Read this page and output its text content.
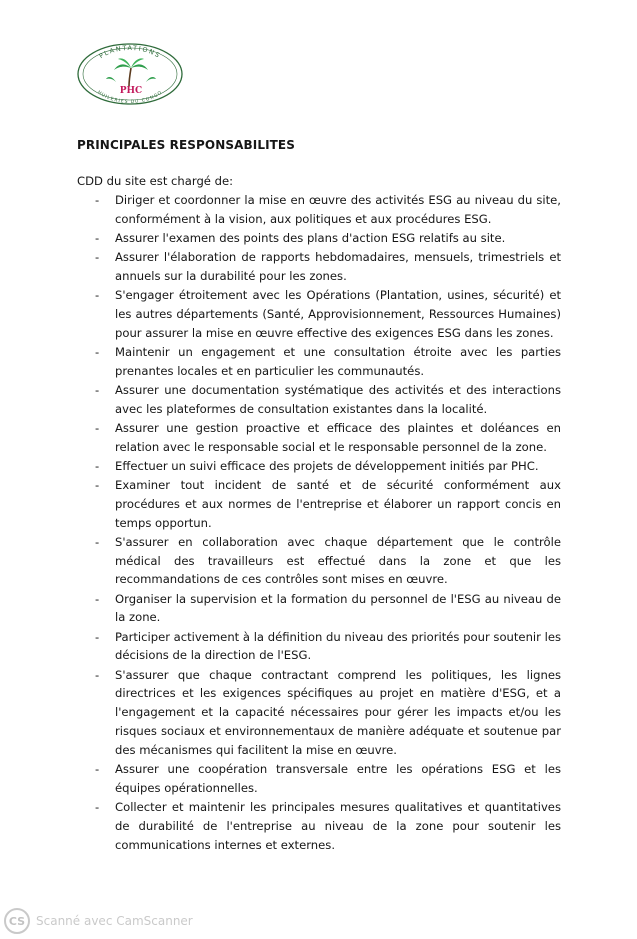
PLANTATIONS
HUILERIES DU CONGO
PHC
PRINCIPALES RESPONSABILITES

CDD du site est chargé de:

-	Diriger et coordonner la mise en œuvre des activités ESG au niveau du site, conformément à la vision, aux politiques et aux procédures ESG.
-	Assurer l'examen des points des plans d'action ESG relatifs au site.
-	Assurer l'élaboration de rapports hebdomadaires, mensuels, trimestriels et annuels sur la durabilité pour les zones.
-	S'engager étroitement avec les Opérations (Plantation, usines, sécurité) et les autres départements (Santé, Approvisionnement, Ressources Humaines) pour assurer la mise en œuvre effective des exigences ESG dans les zones.
-	Maintenir un engagement et une consultation étroite avec les parties prenantes locales et en particulier les communautés.
-	Assurer une documentation systématique des activités et des interactions avec les plateformes de consultation existantes dans la localité.
-	Assurer une gestion proactive et efficace des plaintes et doléances en relation avec le responsable social et le responsable personnel de la zone.
-	Effectuer un suivi efficace des projets de développement initiés par PHC.
-	Examiner tout incident de santé et de sécurité conformément aux procédures et aux normes de l'entreprise et élaborer un rapport concis en temps opportun.
-	S'assurer en collaboration avec chaque département que le contrôle médical des travailleurs est effectué dans la zone et que les recommandations de ces contrôles sont mises en œuvre.
-	Organiser la supervision et la formation du personnel de l'ESG au niveau de la zone.
-	Participer activement à la définition du niveau des priorités pour soutenir les décisions de la direction de l'ESG.
-	S'assurer que chaque contractant comprend les politiques, les lignes directrices et les exigences spécifiques au projet en matière d'ESG, et a l'engagement et la capacité nécessaires pour gérer les impacts et/ou les risques sociaux et environnementaux de manière adéquate et soutenue par des mécanismes qui facilitent la mise en œuvre.
-	Assurer une coopération transversale entre les opérations ESG et les équipes opérationnelles.
-	Collecter et maintenir les principales mesures qualitatives et quantitatives de durabilité de l'entreprise au niveau de la zone pour soutenir les communications internes et externes.
CS Scanné avec CamScanner
